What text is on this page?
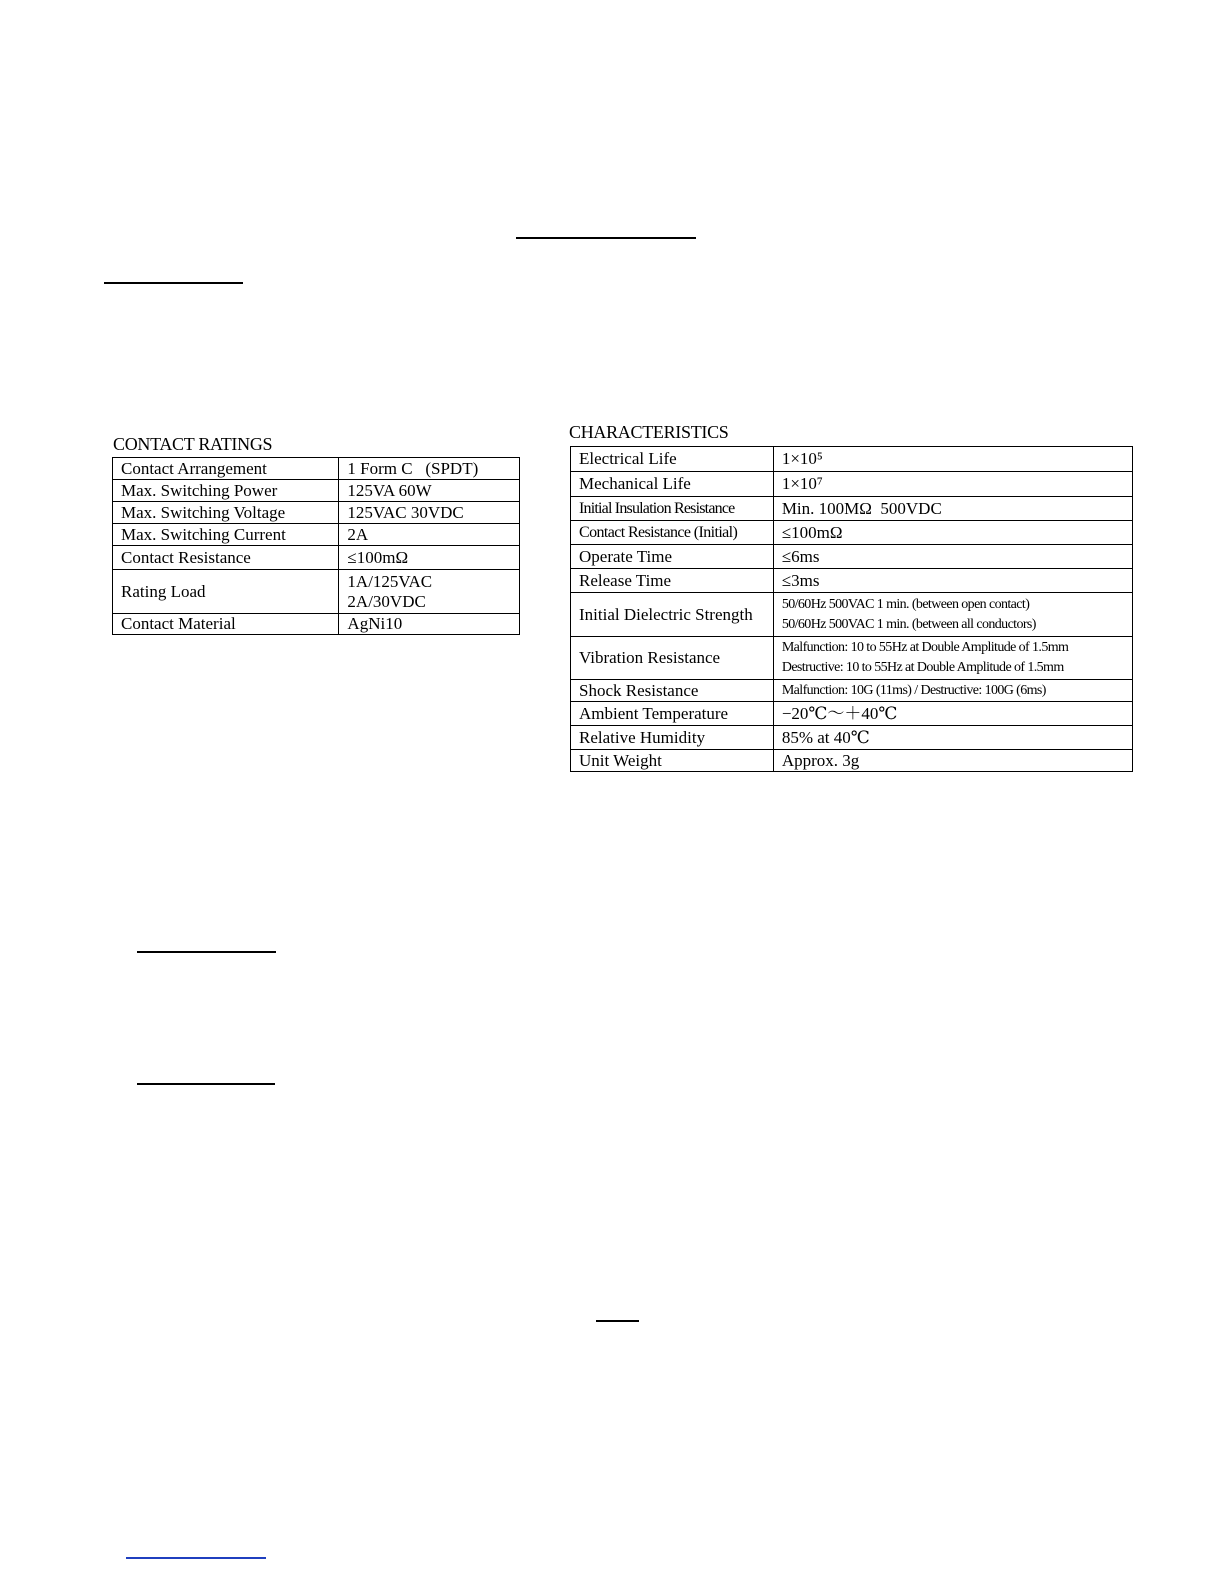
CONTACT RATINGS
Contact Arrangement	1 Form C   (SPDT)
Max. Switching Power	125VA 60W
Max. Switching Voltage	125VAC 30VDC
Max. Switching Current	2A
Contact Resistance	≤100mΩ
Rating Load	1A/125VAC
2A/30VDC

Contact Material	AgNi10
CHARACTERISTICS
Electrical Life	1×10⁵
Mechanical Life	1×10⁷
Initial Insulation Resistance	Min. 100MΩ  500VDC
Contact Resistance (Initial)	≤100mΩ
Operate Time	≤6ms
Release Time	≤3ms
Initial Dielectric Strength	50/60Hz 500VAC 1 min. (between open contact)
50/60Hz 500VAC 1 min. (between all conductors)

Vibration Resistance	Malfunction: 10 to 55Hz at Double Amplitude of 1.5mm
Destructive: 10 to 55Hz at Double Amplitude of 1.5mm

Shock Resistance	Malfunction: 10G (11ms) / Destructive: 100G (6ms)
Ambient Temperature	−20℃～＋40℃
Relative Humidity	85% at 40℃
Unit Weight	Approx. 3g
